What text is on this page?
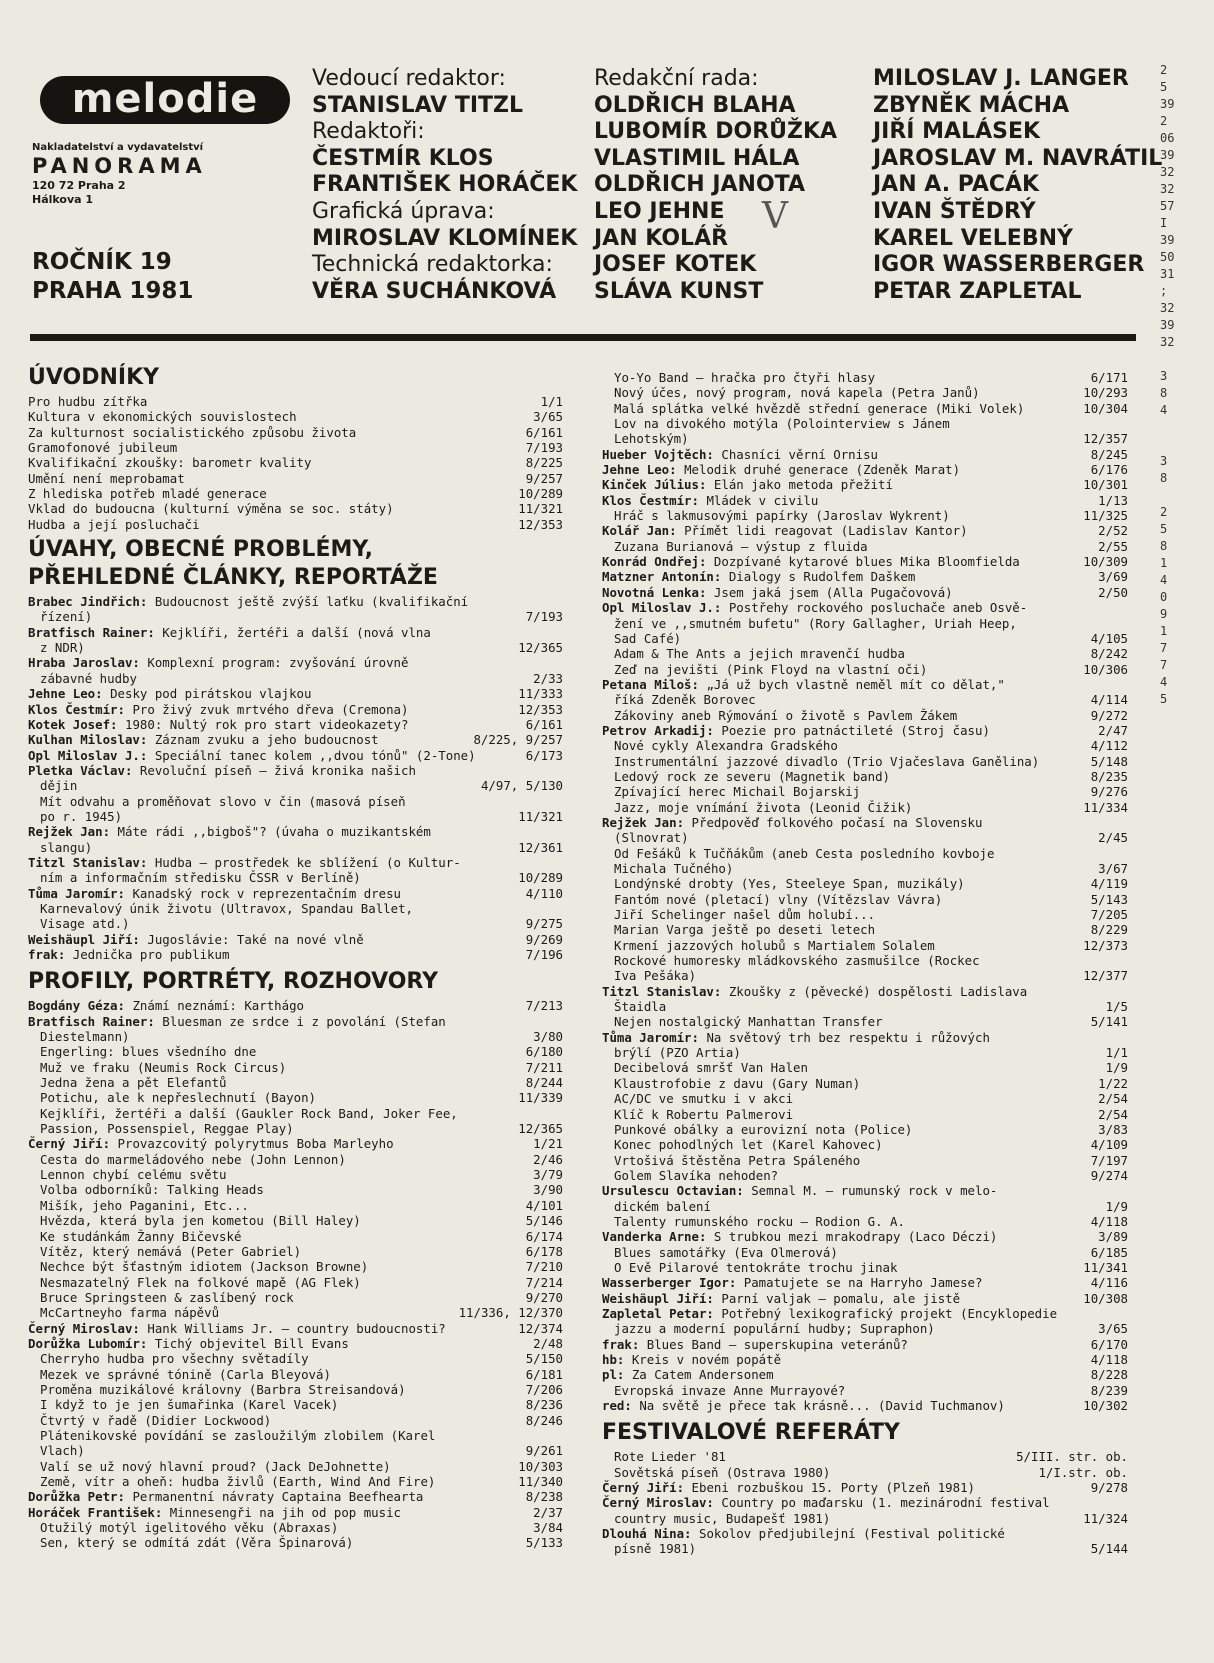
melodie
Nakladatelství a vydavatelství
PANORAMA
120 72 Praha 2
Hálkova 1
ROČNÍK 19
PRAHA 1981
Vedoucí redaktor:
STANISLAV TITZL
Redaktoři:
ČESTMÍR KLOS
FRANTIŠEK HORÁČEK
Grafická úprava:
MIROSLAV KLOMÍNEK
Technická redaktorka:
VĚRA SUCHÁNKOVÁ
Redakční rada:
OLDŘICH BLAHA
LUBOMÍR DORŮŽKA
VLASTIMIL HÁLA
OLDŘICH JANOTA
LEO JEHNE
JAN KOLÁŘ
JOSEF KOTEK
SLÁVA KUNST
MILOSLAV J. LANGER
ZBYNĚK MÁCHA
JIŘÍ MALÁSEK
JAROSLAV M. NAVRÁTIL
JAN A. PACÁK
IVAN ŠTĚDRÝ
KAREL VELEBNÝ
IGOR WASSERBERGER
PETAR ZAPLETAL
V
ÚVODNÍKY
Pro hudbu zítřka	1/1
Kultura v ekonomických souvislostech	3/65
Za kulturnost socialistického způsobu života	6/161
Gramofonové jubileum	7/193
Kvalifikační zkoušky: barometr kvality	8/225
Umění není meprobamat	9/257
Z hlediska potřeb mladé generace	10/289
Vklad do budoucna (kulturní výměna se soc. státy)	11/321
Hudba a její posluchači	12/353
ÚVAHY, OBECNÉ PROBLÉMY,
PŘEHLEDNÉ ČLÁNKY, REPORTÁŽE
Brabec Jindřich: Budoucnost ještě zvýší laťku (kvalifikační
řízení)	7/193
Bratfisch Rainer: Kejklíři, žertéři a další (nová vlna
z NDR)	12/365
Hraba Jaroslav: Komplexní program: zvyšování úrovně
zábavné hudby	2/33
Jehne Leo: Desky pod pirátskou vlajkou	11/333
Klos Čestmír: Pro živý zvuk mrtvého dřeva (Cremona)	12/353
Kotek Josef: 1980: Nultý rok pro start videokazety?	6/161
Kulhan Miloslav: Záznam zvuku a jeho budoucnost	8/225, 9/257
Opl Miloslav J.: Speciální tanec kolem ,,dvou tónů" (2-Tone)	6/173
Pletka Václav: Revoluční píseň — živá kronika našich
dějin	4/97, 5/130
Mít odvahu a proměňovat slovo v čin (masová píseň
po r. 1945)	11/321
Rejžek Jan: Máte rádi ,,bigboš"? (úvaha o muzikantském
slangu)	12/361
Titzl Stanislav: Hudba — prostředek ke sblížení (o Kultur-
ním a informačním středisku ČSSR v Berlíně)	10/289
Tůma Jaromír: Kanadský rock v reprezentačním dresu	4/110
Karnevalový únik životu (Ultravox, Spandau Ballet,
Visage atd.)	9/275
Weishäupl Jiří: Jugoslávie: Také na nové vlně	9/269
frak: Jednička pro publikum	7/196
PROFILY, PORTRÉTY, ROZHOVORY
Bogdány Géza: Známí neznámí: Karthágo	7/213
Bratfisch Rainer: Bluesman ze srdce i z povolání (Stefan
Diestelmann)	3/80
Engerling: blues všedního dne	6/180
Muž ve fraku (Neumis Rock Circus)	7/211
Jedna žena a pět Elefantů	8/244
Potichu, ale k nepřeslechnutí (Bayon)	11/339
Kejklíři, žertéři a další (Gaukler Rock Band, Joker Fee,
Passion, Possenspiel, Reggae Play)	12/365
Černý Jiří: Provazcovitý polyrytmus Boba Marleyho	1/21
Cesta do marmeládového nebe (John Lennon)	2/46
Lennon chybí celému světu	3/79
Volba odborníků: Talking Heads	3/90
Mišík, jeho Paganini, Etc...	4/101
Hvězda, která byla jen kometou (Bill Haley)	5/146
Ke studánkám Žanny Bičevské	6/174
Vítěz, který nemává (Peter Gabriel)	6/178
Nechce být šťastným idiotem (Jackson Browne)	7/210
Nesmazatelný Flek na folkové mapě (AG Flek)	7/214
Bruce Springsteen & zaslíbený rock	9/270
McCartneyho farma nápěvů	11/336, 12/370
Černý Miroslav: Hank Williams Jr. — country budoucnosti?	12/374
Dorůžka Lubomír: Tichý objevitel Bill Evans	2/48
Cherryho hudba pro všechny světadíly	5/150
Mezek ve správné tónině (Carla Bleyová)	6/181
Proměna muzikálové královny (Barbra Streisandová)	7/206
I když to je jen šumařinka (Karel Vacek)	8/236
Čtvrtý v řadě (Didier Lockwood)	8/246
Plátenikovské povídání se zasloužilým zlobilem (Karel
Vlach)	9/261
Valí se už nový hlavní proud? (Jack DeJohnette)	10/303
Země, vítr a oheň: hudba živlů (Earth, Wind And Fire)	11/340
Dorůžka Petr: Permanentní návraty Captaina Beefhearta	8/238
Horáček František: Minnesengři na jih od pop music	2/37
Otužilý motýl igelitového věku (Abraxas)	3/84
Sen, který se odmítá zdát (Věra Špinarová)	5/133
Yo-Yo Band — hračka pro čtyři hlasy	6/171
Nový účes, nový program, nová kapela (Petra Janů)	10/293
Malá splátka velké hvězdě střední generace (Miki Volek)	10/304
Lov na divokého motýla (Polointerview s Jánem
Lehotským)	12/357
Hueber Vojtěch: Chasníci věrní Ornisu	8/245
Jehne Leo: Melodik druhé generace (Zdeněk Marat)	6/176
Kinček Július: Elán jako metoda přežití	10/301
Klos Čestmír: Mládek v civilu	1/13
Hráč s lakmusovými papírky (Jaroslav Wykrent)	11/325
Kolář Jan: Přímět lidi reagovat (Ladislav Kantor)	2/52
Zuzana Burianová — výstup z fluida	2/55
Konrád Ondřej: Dozpívané kytarové blues Mika Bloomfielda	10/309
Matzner Antonín: Dialogy s Rudolfem Daškem	3/69
Novotná Lenka: Jsem jaká jsem (Alla Pugačovová)	2/50
Opl Miloslav J.: Postřehy rockového posluchače aneb Osvě-
žení ve ,,smutném bufetu" (Rory Gallagher, Uriah Heep,
Sad Café)	4/105
Adam & The Ants a jejich mravenčí hudba	8/242
Zeď na jevišti (Pink Floyd na vlastní oči)	10/306
Petana Miloš: „Já už bych vlastně neměl mít co dělat,"
říká Zdeněk Borovec	4/114
Zákoviny aneb Rýmování o životě s Pavlem Žákem	9/272
Petrov Arkadij: Poezie pro patnáctileté (Stroj času)	2/47
Nové cykly Alexandra Gradského	4/112
Instrumentální jazzové divadlo (Trio Vjačeslava Ganělina)	5/148
Ledový rock ze severu (Magnetik band)	8/235
Zpívající herec Michail Bojarskij	9/276
Jazz, moje vnímání života (Leonid Čižik)	11/334
Rejžek Jan: Předpověď folkového počasí na Slovensku
(Slnovrat)	2/45
Od Fešáků k Tučňákům (aneb Cesta posledního kovboje
Michala Tučného)	3/67
Londýnské drobty (Yes, Steeleye Span, muzikály)	4/119
Fantóm nové (pletací) vlny (Vítězslav Vávra)	5/143
Jiří Schelinger našel dům holubí...	7/205
Marian Varga ještě po deseti letech	8/229
Krmení jazzových holubů s Martialem Solalem	12/373
Rockové humoresky mládkovského zasmušilce (Rockec
Iva Pešáka)	12/377
Titzl Stanislav: Zkoušky z (pěvecké) dospělosti Ladislava
Štaidla	1/5
Nejen nostalgický Manhattan Transfer	5/141
Tůma Jaromír: Na světový trh bez respektu i růžových
brýlí (PZO Artia)	1/1
Decibelová smršť Van Halen	1/9
Klaustrofobie z davu (Gary Numan)	1/22
AC/DC ve smutku i v akci	2/54
Klíč k Robertu Palmerovi	2/54
Punkové obálky a eurovizní nota (Police)	3/83
Konec pohodlných let (Karel Kahovec)	4/109
Vrtošivá štěstěna Petra Spáleného	7/197
Golem Slavíka nehoden?	9/274
Ursulescu Octavian: Semnal M. — rumunský rock v melo-
dickém balení	1/9
Talenty rumunského rocku — Rodion G. A.	4/118
Vanderka Arne: S trubkou mezi mrakodrapy (Laco Déczi)	3/89
Blues samotářky (Eva Olmerová)	6/185
O Evě Pilarové tentokráte trochu jinak	11/341
Wasserberger Igor: Pamatujete se na Harryho Jamese?	4/116
Weishäupl Jiří: Parní valjak — pomalu, ale jistě	10/308
Zapletal Petar: Potřebný lexikografický projekt (Encyklopedie
jazzu a moderní populární hudby; Supraphon)	3/65
frak: Blues Band — superskupina veteránů?	6/170
hb: Kreis v novém popátě	4/118
pl: Za Catem Andersonem	8/228
Evropská invaze Anne Murrayové?	8/239
red: Na světě je přece tak krásně... (David Tuchmanov)	10/302
FESTIVALOVÉ REFERÁTY
Rote Lieder '81	5/III. str. ob.
Sovětská píseň (Ostrava 1980)	1/I.str. ob.
Černý Jiří: Ebeni rozbuškou 15. Porty (Plzeň 1981)	9/278
Černý Miroslav: Country po maďarsku (1. mezinárodní festival
country music, Budapešť 1981)	11/324
Dlouhá Nina: Sokolov předjubilejní (Festival politické
písně 1981)	5/144
2
5
39
2
06
39
32
32
57
I
39
50
31
;
32
39
32

3
8
4

3
8

2
5
8
1
4
0
9
1
7
7
4
5
